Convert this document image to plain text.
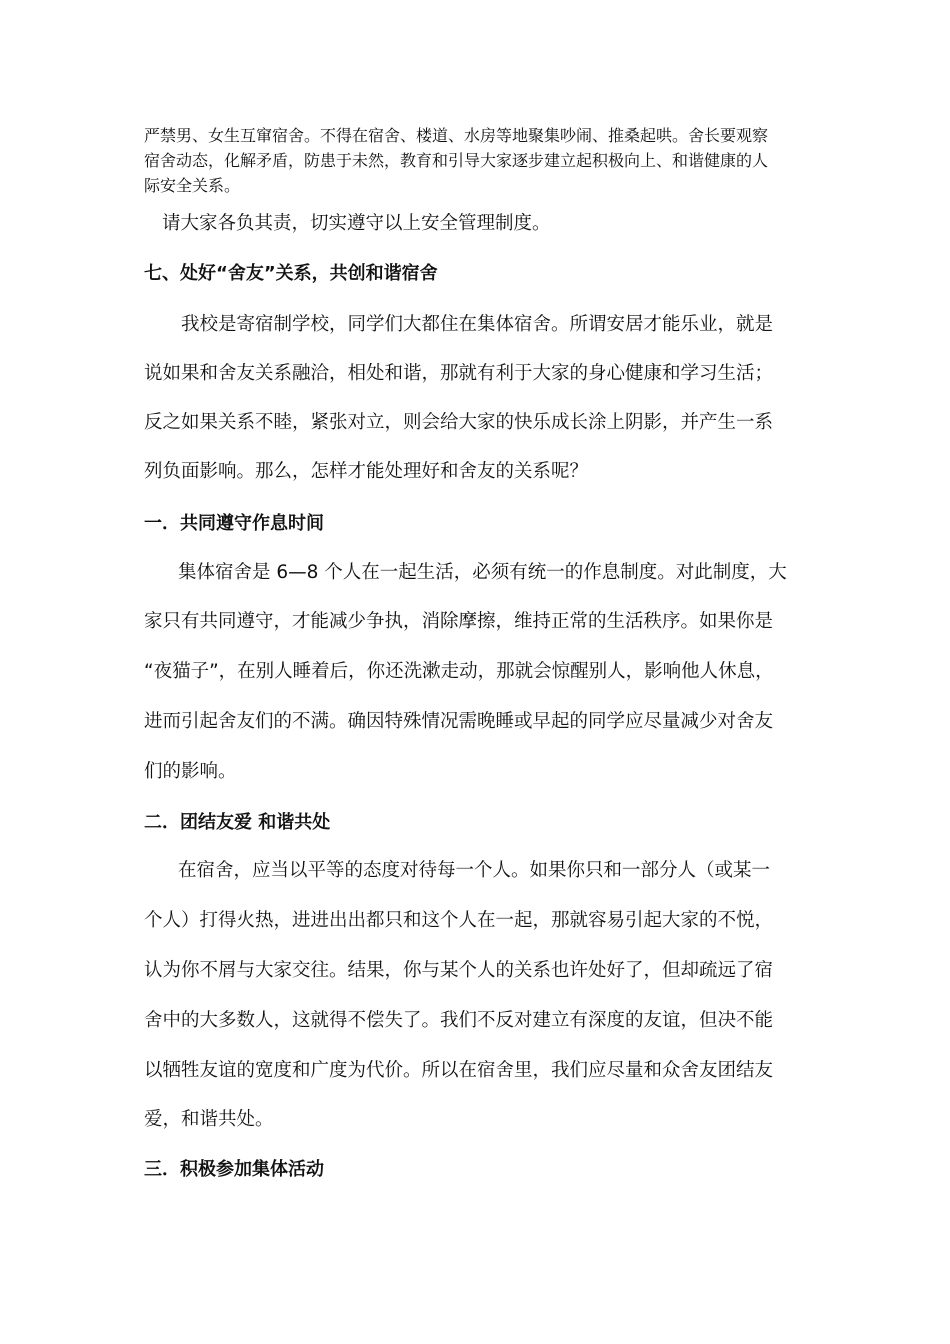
严禁男、女生互窜宿舍。不得在宿舍、楼道、水房等地聚集吵闹、推桑起哄。舍长要观察
宿舍动态，化解矛盾，防患于未然，教育和引导大家逐步建立起积极向上、和谐健康的人
际安全关系。
请大家各负其责，切实遵守以上安全管理制度。
七、处好“舍友”关系，共创和谐宿舍
我校是寄宿制学校，同学们大都住在集体宿舍。所谓安居才能乐业，就是
说如果和舍友关系融洽，相处和谐，那就有利于大家的身心健康和学习生活；
反之如果关系不睦，紧张对立，则会给大家的快乐成长涂上阴影，并产生一系
列负面影响。那么，怎样才能处理好和舍友的关系呢？
一．共同遵守作息时间
集体宿舍是 6—8 个人在一起生活，必须有统一的作息制度。对此制度，大
家只有共同遵守，才能减少争执，消除摩擦，维持正常的生活秩序。如果你是
“夜猫子”，在别人睡着后，你还洗漱走动，那就会惊醒别人，影响他人休息，
进而引起舍友们的不满。确因特殊情况需晚睡或早起的同学应尽量减少对舍友
们的影响。
二．团结友爱 和谐共处
在宿舍，应当以平等的态度对待每一个人。如果你只和一部分人（或某一
个人）打得火热，进进出出都只和这个人在一起，那就容易引起大家的不悦，
认为你不屑与大家交往。结果，你与某个人的关系也许处好了，但却疏远了宿
舍中的大多数人，这就得不偿失了。我们不反对建立有深度的友谊，但决不能
以牺牲友谊的宽度和广度为代价。所以在宿舍里，我们应尽量和众舍友团结友
爱，和谐共处。
三．积极参加集体活动
